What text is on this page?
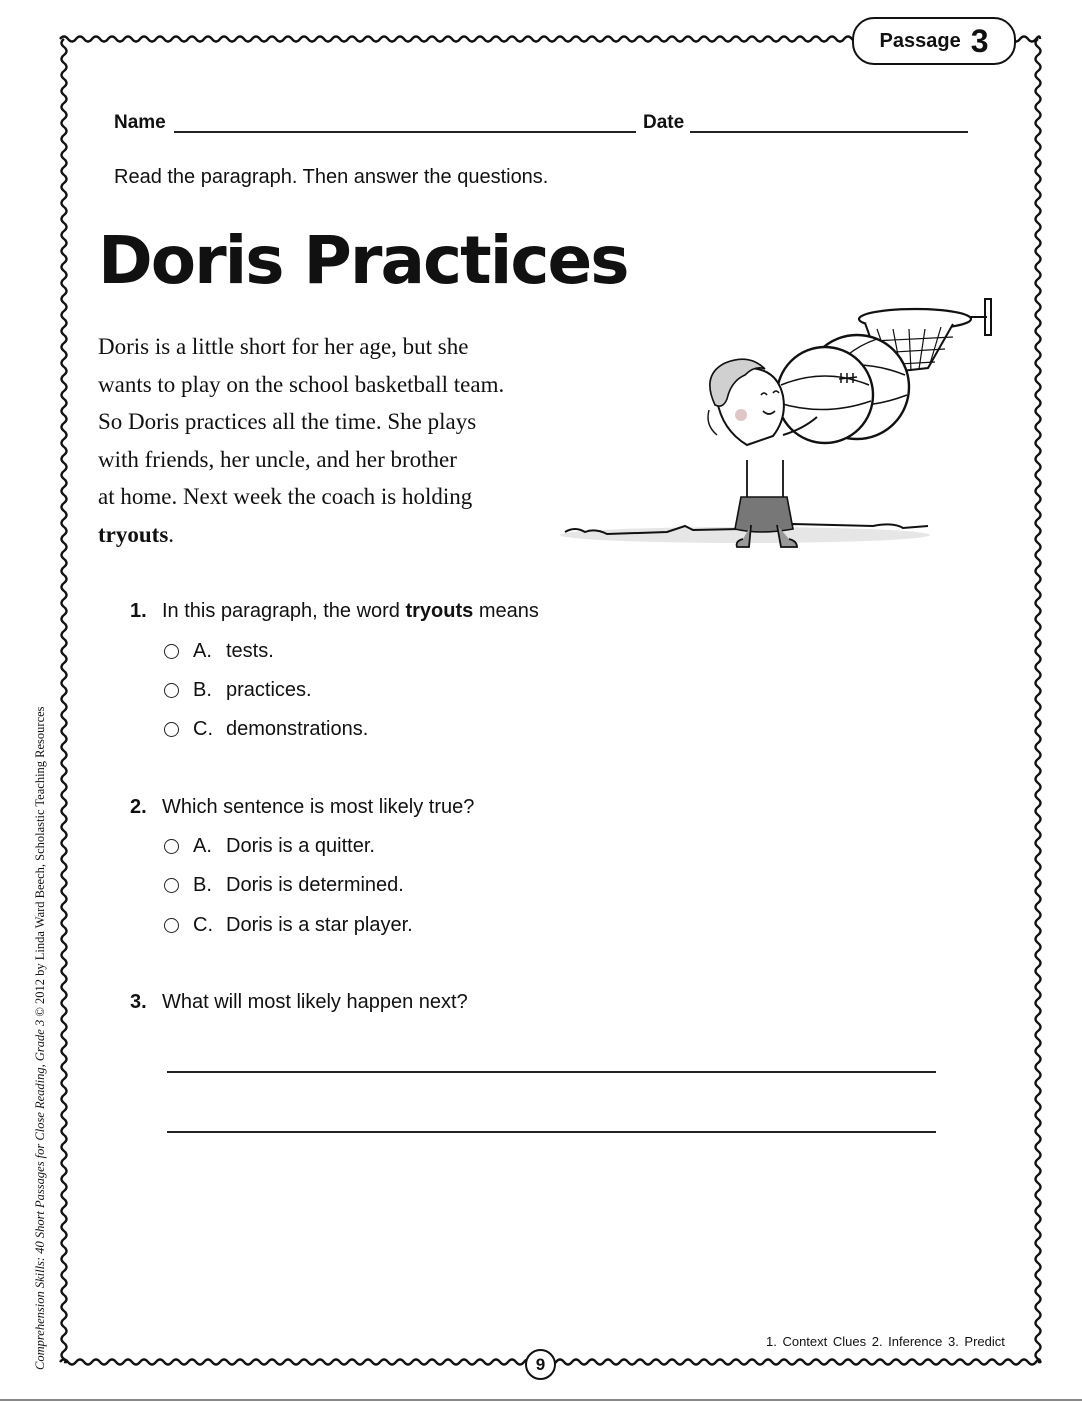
Passage 3
Name	Date
Read the paragraph. Then answer the questions.
Doris Practices
Doris is a little short for her age, but she
wants to play on the school basketball team.
So Doris practices all the time. She plays
with friends, her uncle, and her brother
at home. Next week the coach is holding
tryouts.
1. In this paragraph, the word tryouts means
A. tests.
B. practices.
C. demonstrations.
2. Which sentence is most likely true?
A. Doris is a quitter.
B. Doris is determined.
C. Doris is a star player.
3. What will most likely happen next?
1. Context Clues 2. Inference 3. Predict
9
Comprehension Skills: 40 Short Passages for Close Reading, Grade 3 © 2012 by Linda Ward Beech, Scholastic Teaching Resources
